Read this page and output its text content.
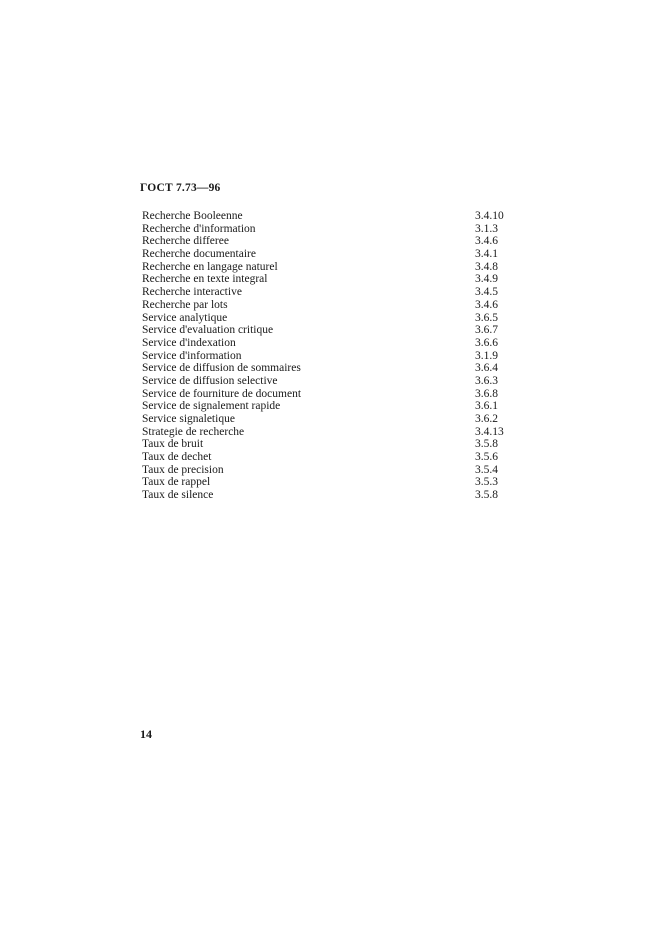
ГОСТ 7.73—96
Recherche Booleenne	3.4.10
Recherche d'information	3.1.3
Recherche differee	3.4.6
Recherche documentaire	3.4.1
Recherche en langage naturel	3.4.8
Recherche en texte integral	3.4.9
Recherche interactive	3.4.5
Recherche par lots	3.4.6
Service analytique	3.6.5
Service d'evaluation critique	3.6.7
Service d'indexation	3.6.6
Service d'information	3.1.9
Service de diffusion de sommaires	3.6.4
Service de diffusion selective	3.6.3
Service de fourniture de document	3.6.8
Service de signalement rapide	3.6.1
Service signaletique	3.6.2
Strategie de recherche	3.4.13
Taux de bruit	3.5.8
Taux de dechet	3.5.6
Taux de precision	3.5.4
Taux de rappel	3.5.3
Taux de silence	3.5.8
14
